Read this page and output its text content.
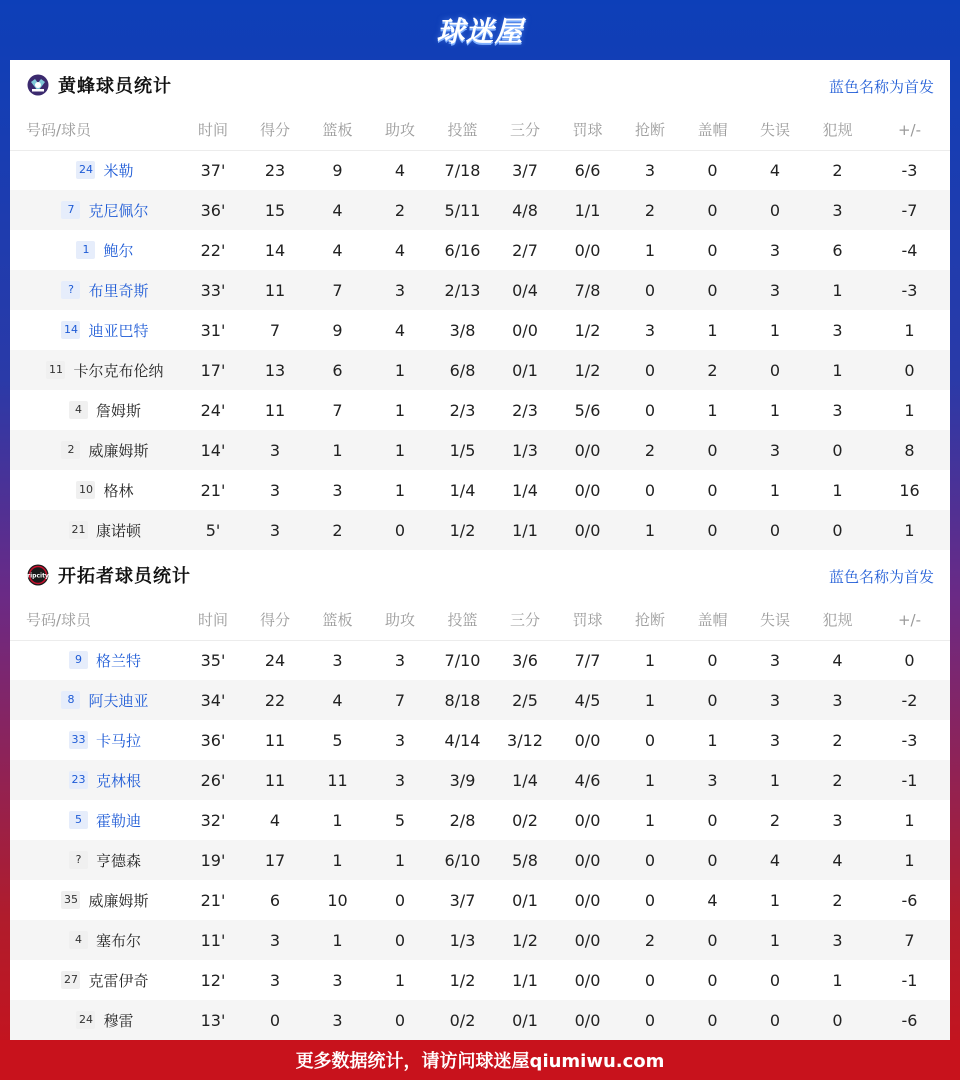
球迷屋
黄蜂球员统计	蓝色名称为首发
号码/球员	时间	得分	篮板	助攻	投篮	三分	罚球	抢断	盖帽	失误	犯规	+/-
24 米勒	37'	23	9	4	7/18	3/7	6/6	3	0	4	2	-3
7 克尼佩尔	36'	15	4	2	5/11	4/8	1/1	2	0	0	3	-7
1 鲍尔	22'	14	4	4	6/16	2/7	0/0	1	0	3	6	-4
? 布里奇斯	33'	11	7	3	2/13	0/4	7/8	0	0	3	1	-3
14 迪亚巴特	31'	7	9	4	3/8	0/0	1/2	3	1	1	3	1
11 卡尔克布伦纳	17'	13	6	1	6/8	0/1	1/2	0	2	0	1	0
4 詹姆斯	24'	11	7	1	2/3	2/3	5/6	0	1	1	3	1
2 威廉姆斯	14'	3	1	1	1/5	1/3	0/0	2	0	3	0	8
10 格林	21'	3	3	1	1/4	1/4	0/0	0	0	1	1	16
21 康诺顿	5'	3	2	0	1/2	1/1	0/0	1	0	0	0	1
ripcity 开拓者球员统计	蓝色名称为首发
号码/球员	时间	得分	篮板	助攻	投篮	三分	罚球	抢断	盖帽	失误	犯规	+/-
9 格兰特	35'	24	3	3	7/10	3/6	7/7	1	0	3	4	0
8 阿夫迪亚	34'	22	4	7	8/18	2/5	4/5	1	0	3	3	-2
33 卡马拉	36'	11	5	3	4/14	3/12	0/0	0	1	3	2	-3
23 克林根	26'	11	11	3	3/9	1/4	4/6	1	3	1	2	-1
5 霍勒迪	32'	4	1	5	2/8	0/2	0/0	1	0	2	3	1
? 亨德森	19'	17	1	1	6/10	5/8	0/0	0	0	4	4	1
35 威廉姆斯	21'	6	10	0	3/7	0/1	0/0	0	4	1	2	-6
4 塞布尔	11'	3	1	0	1/3	1/2	0/0	2	0	1	3	7
27 克雷伊奇	12'	3	3	1	1/2	1/1	0/0	0	0	0	1	-1
24 穆雷	13'	0	3	0	0/2	0/1	0/0	0	0	0	0	-6
更多数据统计，请访问球迷屋qiumiwu.com
